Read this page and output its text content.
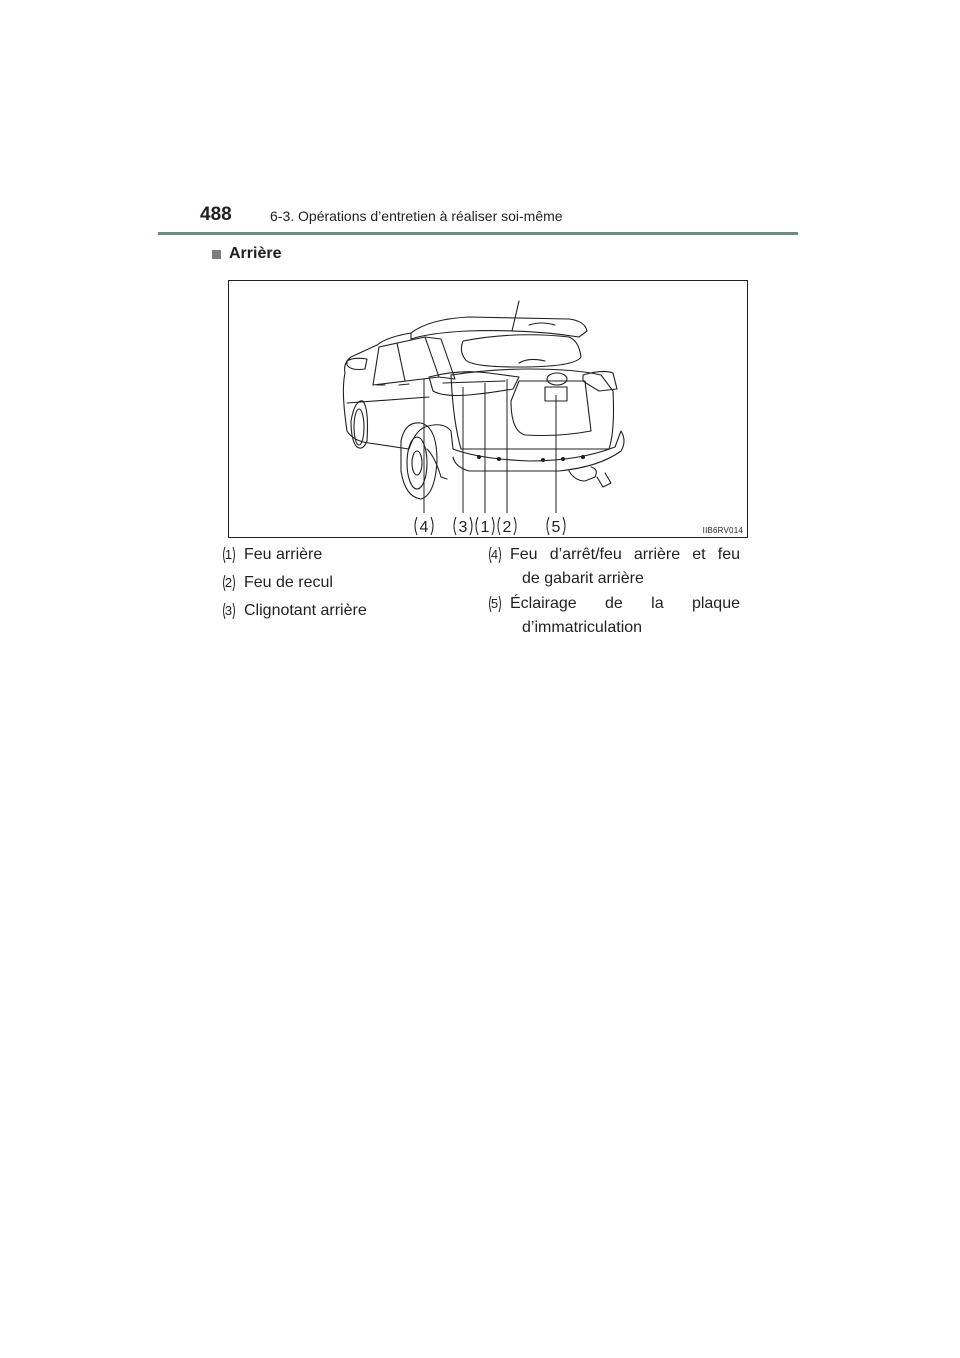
488	6-3. Opérations d’entretien à réaliser soi-même
Arrière
4 3 1 2	5	IIB6RV014
1 Feu arrière
2 Feu de recul
3 Clignotant arrière
4 Feu d’arrêt/feu arrière et feu
de gabarit arrière
5 Éclairage de la plaque
d’immatriculation
